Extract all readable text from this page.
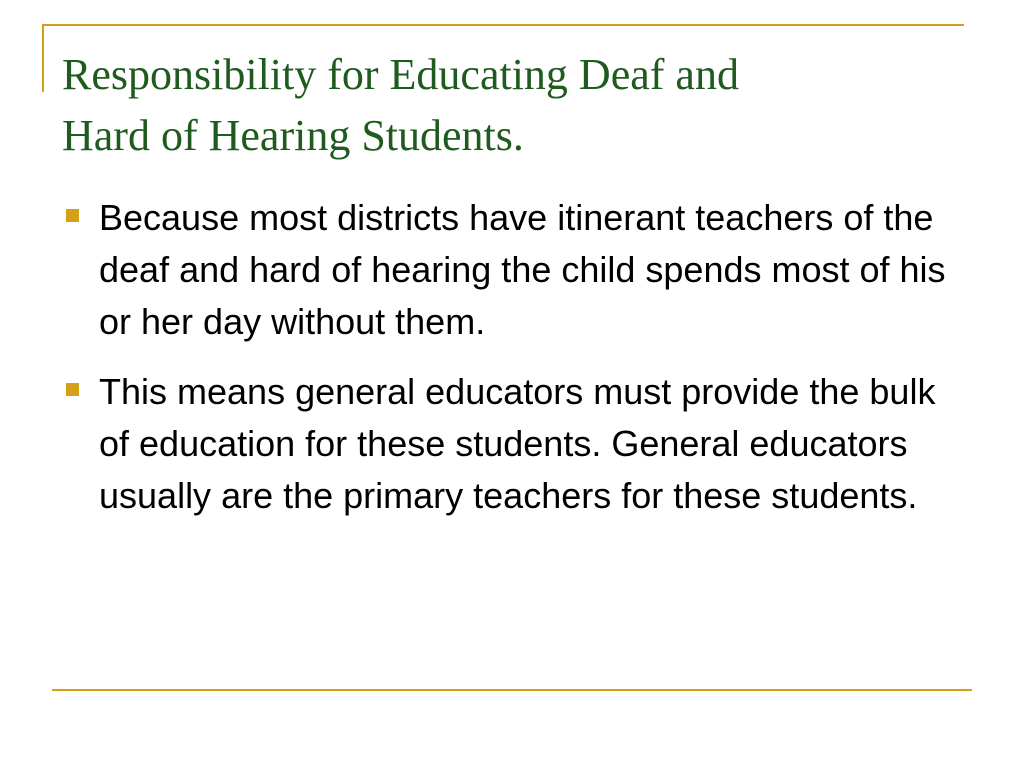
Responsibility for Educating Deaf and
Hard of Hearing Students.
Because most districts have itinerant teachers of the deaf and hard of hearing the child spends most of his or her day without them.
This means general educators must provide the bulk of education for these students. General educators usually are the primary teachers for these students.
